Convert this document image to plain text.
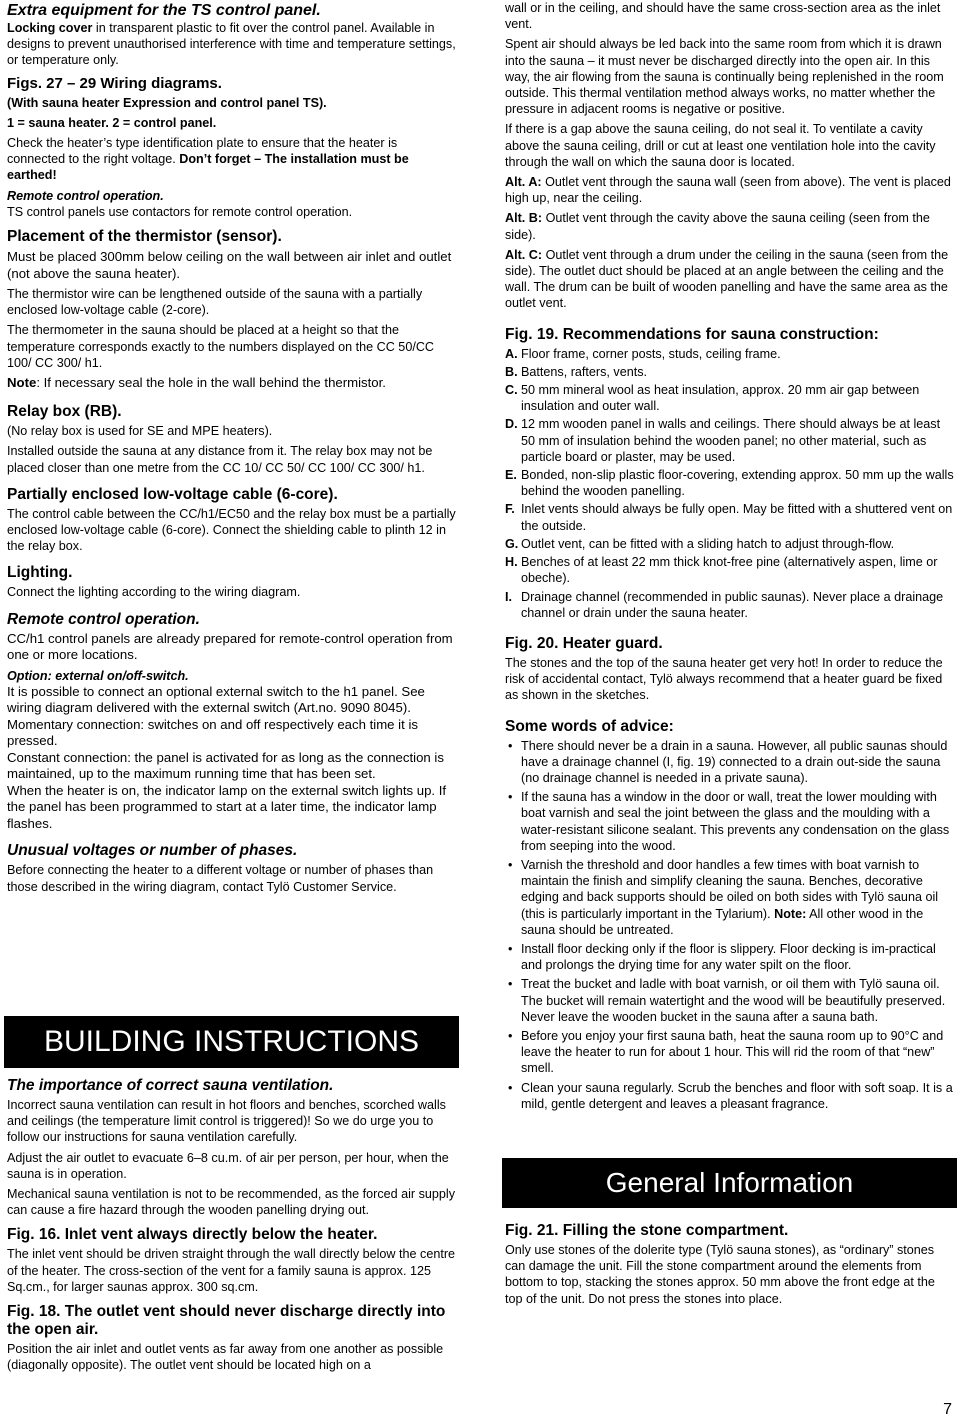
Extra equipment for the TS control panel.

Locking cover in transparent plastic to fit over the control panel. Available in designs to prevent unauthorised interference with time and temperature settings, or temperature only.

Figs. 27 – 29 Wiring diagrams.
(With sauna heater Expression and control panel TS).

1 = sauna heater. 2 = control panel.

Check the heater’s type identification plate to ensure that the heater is connected to the right voltage. Don’t forget – The installation must be earthed!

Remote control operation.

TS control panels use contactors for remote control operation.

Placement of the thermistor (sensor).

Must be placed 300mm below ceiling on the wall between air inlet and outlet (not above the sauna heater).

The thermistor wire can be lengthened outside of the sauna with a partially enclosed low-voltage cable (2-core).

The thermometer in the sauna should be placed at a height so that the temperature corresponds exactly to the numbers displayed on the CC 50/CC 100/ CC 300/ h1.

Note: If necessary seal the hole in the wall behind the thermistor.

Relay box (RB).

(No relay box is used for SE and MPE heaters).

Installed outside the sauna at any distance from it. The relay box may not be placed closer than one metre from the CC 10/ CC 50/ CC 100/ CC 300/ h1.

Partially enclosed low-voltage cable (6-core).

The control cable between the CC/h1/EC50 and the relay box must be a partially enclosed low-voltage cable (6-core). Connect the shielding cable to plinth 12 in the relay box.

Lighting.

Connect the lighting according to the wiring diagram.

Remote control operation.

CC/h1 control panels are already prepared for remote-control operation from one or more locations.

Option: external on/off-switch.
It is possible to connect an optional external switch to the h1 panel. See wiring diagram delivered with the external switch (Art.no. 9090 8045).
Momentary connection: switches on and off respectively each time it is pressed.
Constant connection: the panel is activated for as long as the connection is maintained, up to the maximum running time that has been set.
When the heater is on, the indicator lamp on the external switch lights up. If the panel has been programmed to start at a later time, the indicator lamp flashes.
Unusual voltages or number of phases.

Before connecting the heater to a different voltage or number of phases than those described in the wiring diagram, contact Tylö Customer Service.

BUILDING INSTRUCTIONS
The importance of correct sauna ventilation.

Incorrect sauna ventilation can result in hot floors and benches, scorched walls and ceilings (the temperature limit control is triggered)! So we do urge you to follow our instructions for sauna ventilation carefully.

Adjust the air outlet to evacuate 6–8 cu.m. of air per person, per hour, when the sauna is in operation.

Mechanical sauna ventilation is not to be recommended, as the forced air supply can cause a fire hazard through the wooden panelling drying out.

Fig. 16. Inlet vent always directly below the heater.

The inlet vent should be driven straight through the wall directly below the centre of the heater. The cross-section of the vent for a family sauna is approx. 125 Sq.cm., for larger saunas approx. 300 sq.cm.

Fig. 18. The outlet vent should never discharge directly into the open air.

Position the air inlet and outlet vents as far away from one another as possible (diagonally opposite). The outlet vent should be located high on a

wall or in the ceiling, and should have the same cross-section area as the inlet vent.

Spent air should always be led back into the same room from which it is drawn into the sauna – it must never be discharged directly into the open air. In this way, the air flowing from the sauna is continually being replenished in the room outside. This thermal ventilation method always works, no matter whether the pressure in adjacent rooms is negative or positive.

If there is a gap above the sauna ceiling, do not seal it. To ventilate a cavity above the sauna ceiling, drill or cut at least one ventilation hole into the cavity through the wall on which the sauna door is located.

Alt. A: Outlet vent through the sauna wall (seen from above). The vent is placed high up, near the ceiling.

Alt. B: Outlet vent through the cavity above the sauna ceiling (seen from the side).

Alt. C: Outlet vent through a drum under the ceiling in the sauna (seen from the side). The outlet duct should be placed at an angle between the ceiling and the wall. The drum can be built of wooden panelling and have the same area as the outlet vent.

Fig. 19. Recommendations for sauna construction:
A. Floor frame, corner posts, studs, ceiling frame.
B. Battens, rafters, vents.
C. 50 mm mineral wool as heat insulation, approx. 20 mm air gap between insulation and outer wall.
D. 12 mm wooden panel in walls and ceilings. There should always be at least 50 mm of insulation behind the wooden panel; no other material, such as particle board or plaster, may be used.
E. Bonded, non-slip plastic floor-covering, extending approx. 50 mm up the walls behind the wooden panelling.
F. Inlet vents should always be fully open. May be fitted with a shuttered vent on the outside.
G. Outlet vent, can be fitted with a sliding hatch to adjust through-flow.
H. Benches of at least 22 mm thick knot-free pine (alternatively aspen, lime or obeche).
I. Drainage channel (recommended in public saunas). Never place a drainage channel or drain under the sauna heater.
Fig. 20. Heater guard.

The stones and the top of the sauna heater get very hot! In order to reduce the risk of accidental contact, Tylö always recommend that a heater guard be fixed as shown in the sketches.

Some words of advice:
• There should never be a drain in a sauna. However, all public saunas should have a drainage channel (I, fig. 19) connected to a drain out-side the sauna (no drainage channel is needed in a private sauna).
• If the sauna has a window in the door or wall, treat the lower moulding with boat varnish and seal the joint between the glass and the moulding with a water-resistant silicone sealant. This prevents any condensation on the glass from seeping into the wood.
• Varnish the threshold and door handles a few times with boat varnish to maintain the finish and simplify cleaning the sauna. Benches, decorative edging and back supports should be oiled on both sides with Tylö sauna oil (this is particularly important in the Tylarium). Note: All other wood in the sauna should be untreated.
• Install floor decking only if the floor is slippery. Floor decking is im-practical and prolongs the drying time for any water spilt on the floor.
• Treat the bucket and ladle with boat varnish, or oil them with Tylö sauna oil. The bucket will remain watertight and the wood will be beautifully preserved. Never leave the wooden bucket in the sauna after a sauna bath.
• Before you enjoy your first sauna bath, heat the sauna room up to 90°C and leave the heater to run for about 1 hour. This will rid the room of that “new” smell.
• Clean your sauna regularly. Scrub the benches and floor with soft soap. It is a mild, gentle detergent and leaves a pleasant fragrance.
General Information
Fig. 21. Filling the stone compartment.

Only use stones of the dolerite type (Tylö sauna stones), as “ordinary” stones can damage the unit. Fill the stone compartment around the elements from bottom to top, stacking the stones approx. 50 mm above the front edge at the top of the unit. Do not press the stones into place.

7
